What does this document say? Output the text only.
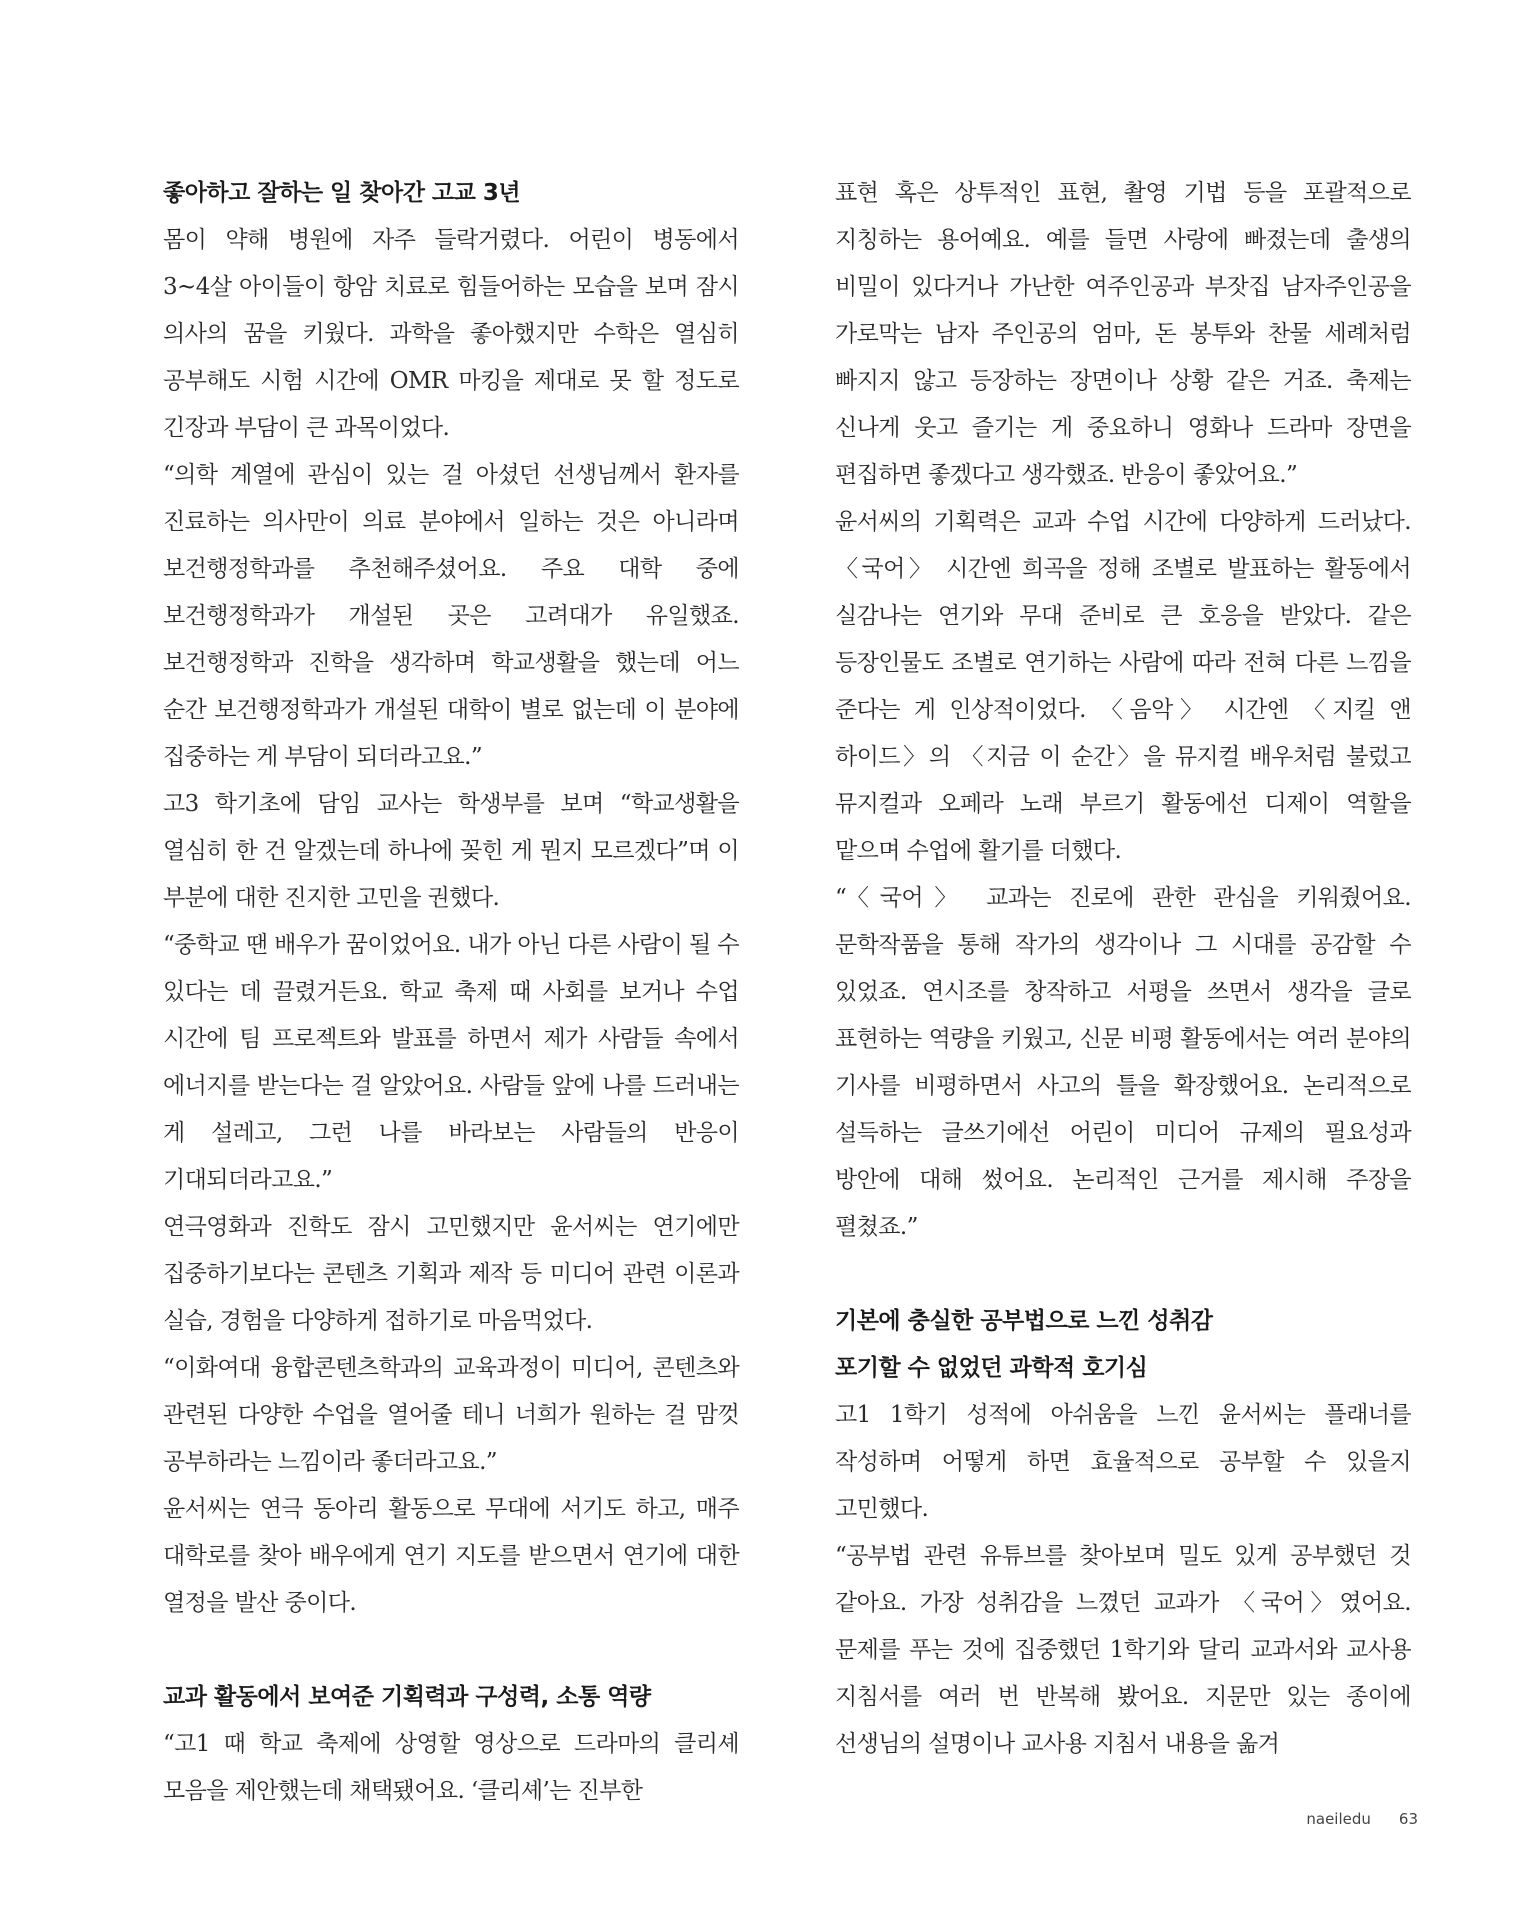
좋아하고 잘하는 일 찾아간 고교 3년

몸이 약해 병원에 자주 들락거렸다. 어린이 병동에서 3~4살 아이들이 항암 치료로 힘들어하는 모습을 보며 잠시 의사의 꿈을 키웠다. 과학을 좋아했지만 수학은 열심히 공부해도 시험 시간에 OMR 마킹을 제대로 못 할 정도로 긴장과 부담이 큰 과목이었다.

“의학 계열에 관심이 있는 걸 아셨던 선생님께서 환자를 진료하는 의사만이 의료 분야에서 일하는 것은 아니라며 보건행정학과를 추천해주셨어요. 주요 대학 중에 보건행정학과가 개설된 곳은 고려대가 유일했죠. 보건행정학과 진학을 생각하며 학교생활을 했는데 어느 순간 보건행정학과가 개설된 대학이 별로 없는데 이 분야에 집중하는 게 부담이 되더라고요.”

고3 학기초에 담임 교사는 학생부를 보며 “학교생활을 열심히 한 건 알겠는데 하나에 꽂힌 게 뭔지 모르겠다”며 이 부분에 대한 진지한 고민을 권했다.

“중학교 땐 배우가 꿈이었어요. 내가 아닌 다른 사람이 될 수 있다는 데 끌렸거든요. 학교 축제 때 사회를 보거나 수업 시간에 팀 프로젝트와 발표를 하면서 제가 사람들 속에서 에너지를 받는다는 걸 알았어요. 사람들 앞에 나를 드러내는 게 설레고, 그런 나를 바라보는 사람들의 반응이 기대되더라고요.”

연극영화과 진학도 잠시 고민했지만 윤서씨는 연기에만 집중하기보다는 콘텐츠 기획과 제작 등 미디어 관련 이론과 실습, 경험을 다양하게 접하기로 마음먹었다.

“이화여대 융합콘텐츠학과의 교육과정이 미디어, 콘텐츠와 관련된 다양한 수업을 열어줄 테니 너희가 원하는 걸 맘껏 공부하라는 느낌이라 좋더라고요.”

윤서씨는 연극 동아리 활동으로 무대에 서기도 하고, 매주 대학로를 찾아 배우에게 연기 지도를 받으면서 연기에 대한 열정을 발산 중이다.

교과 활동에서 보여준 기획력과 구성력, 소통 역량

“고1 때 학교 축제에 상영할 영상으로 드라마의 클리셰 모음을 제안했는데 채택됐어요. ‘클리셰’는 진부한

표현 혹은 상투적인 표현, 촬영 기법 등을 포괄적으로 지칭하는 용어예요. 예를 들면 사랑에 빠졌는데 출생의 비밀이 있다거나 가난한 여주인공과 부잣집 남자주인공을 가로막는 남자 주인공의 엄마, 돈 봉투와 찬물 세례처럼 빠지지 않고 등장하는 장면이나 상황 같은 거죠. 축제는 신나게 웃고 즐기는 게 중요하니 영화나 드라마 장면을 편집하면 좋겠다고 생각했죠. 반응이 좋았어요.”

윤서씨의 기획력은 교과 수업 시간에 다양하게 드러났다. 〈국어〉 시간엔 희곡을 정해 조별로 발표하는 활동에서 실감나는 연기와 무대 준비로 큰 호응을 받았다. 같은 등장인물도 조별로 연기하는 사람에 따라 전혀 다른 느낌을 준다는 게 인상적이었다. 〈음악〉 시간엔 〈지킬 앤 하이드〉의 〈지금 이 순간〉을 뮤지컬 배우처럼 불렀고 뮤지컬과 오페라 노래 부르기 활동에선 디제이 역할을 맡으며 수업에 활기를 더했다.

“〈국어〉 교과는 진로에 관한 관심을 키워줬어요. 문학작품을 통해 작가의 생각이나 그 시대를 공감할 수 있었죠. 연시조를 창작하고 서평을 쓰면서 생각을 글로 표현하는 역량을 키웠고, 신문 비평 활동에서는 여러 분야의 기사를 비평하면서 사고의 틀을 확장했어요. 논리적으로 설득하는 글쓰기에선 어린이 미디어 규제의 필요성과 방안에 대해 썼어요. 논리적인 근거를 제시해 주장을 펼쳤죠.”

기본에 충실한 공부법으로 느낀 성취감

포기할 수 없었던 과학적 호기심

고1 1학기 성적에 아쉬움을 느낀 윤서씨는 플래너를 작성하며 어떻게 하면 효율적으로 공부할 수 있을지 고민했다.

“공부법 관련 유튜브를 찾아보며 밀도 있게 공부했던 것 같아요. 가장 성취감을 느꼈던 교과가 〈국어〉였어요. 문제를 푸는 것에 집중했던 1학기와 달리 교과서와 교사용 지침서를 여러 번 반복해 봤어요. 지문만 있는 종이에 선생님의 설명이나 교사용 지침서 내용을 옮겨

naeiledu 63
